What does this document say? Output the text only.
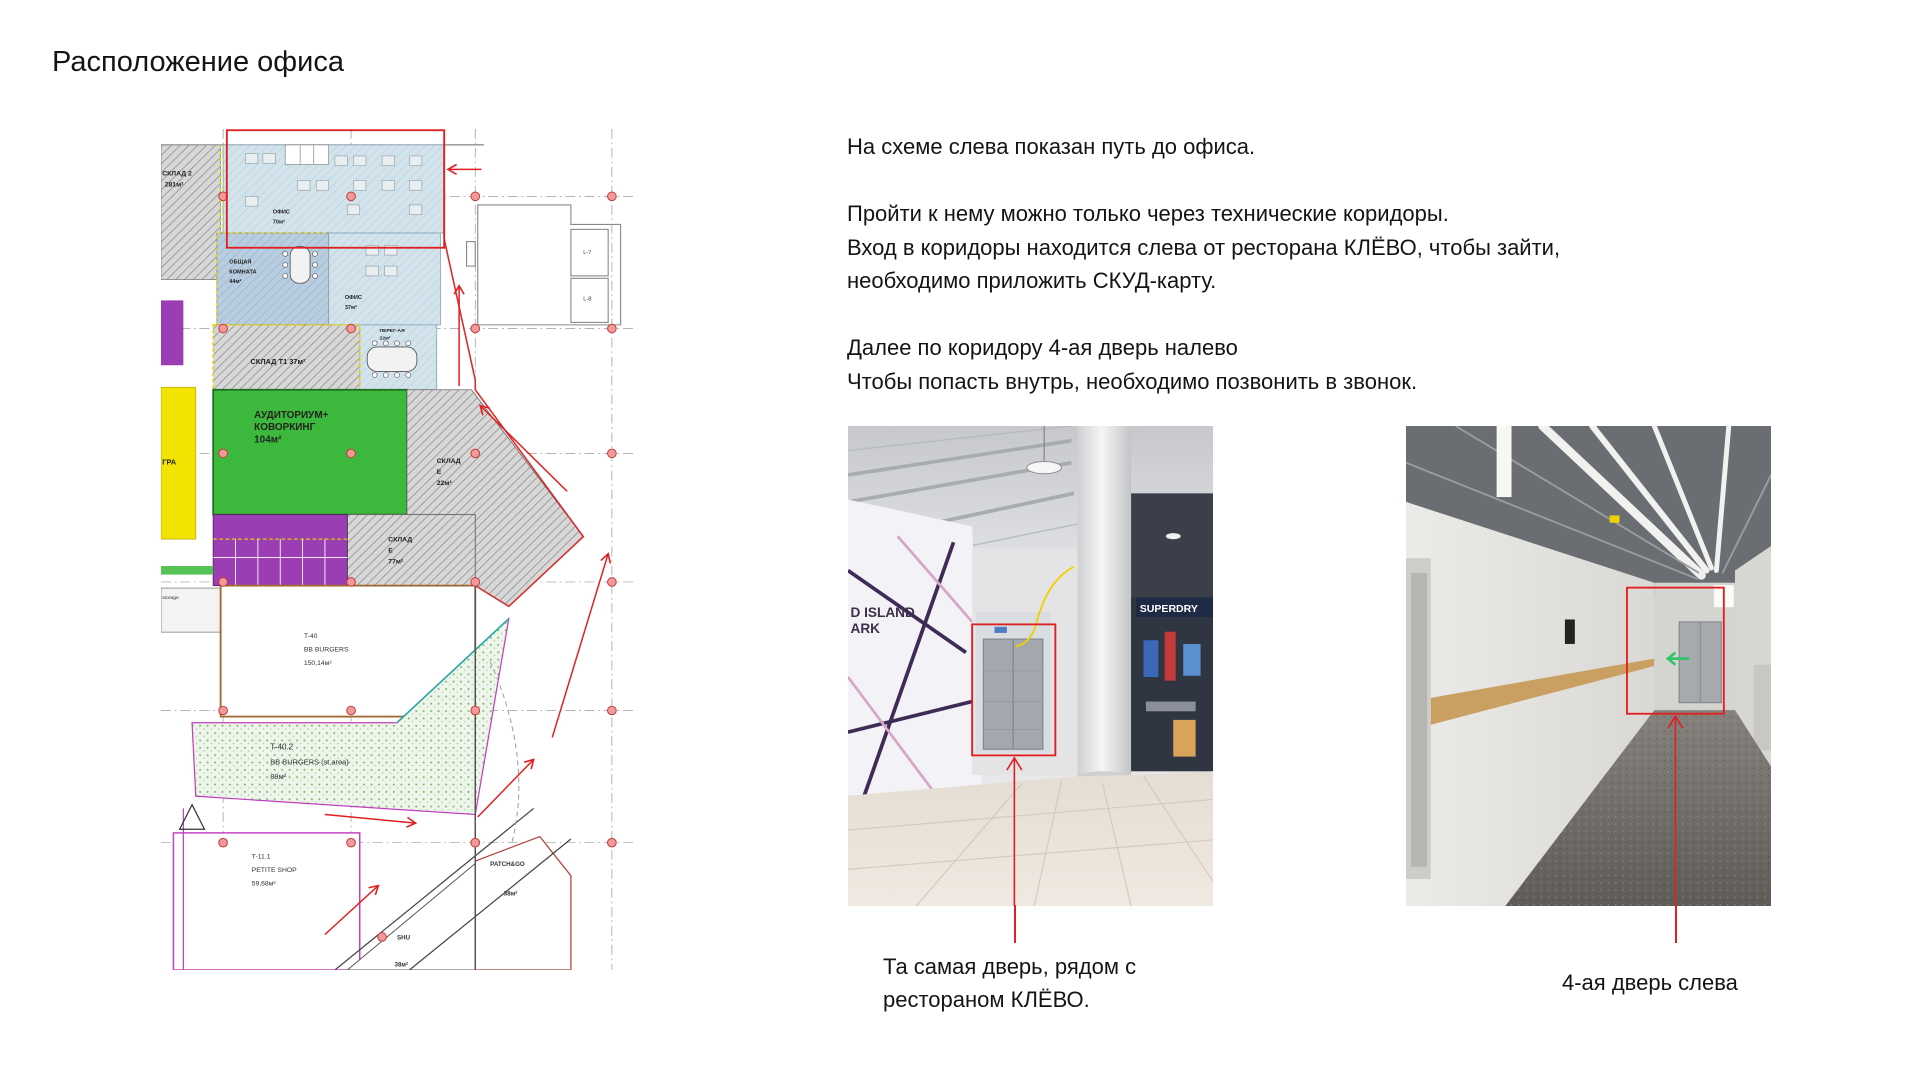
Расположение офиса
СКЛАД 2
281м²
ОФИС
70м²
ОБЩАЯ
КОМНАТА
44м²
ОФИС
37м²
ПЕРЕГ-АЯ
22м²
СКЛАД Т1 37м²
АУДИТОРИУМ+
КОВОРКИНГ
104м²
СКЛАД
Е
22м²
СКЛАД
Е
77м²
ГРА
storage
T-40
BB BURGERS
150,14м²
T-40.2
BB BURGERS (st.area)
89м²
T-11.1
PETITE SHOP
59,68м²
PATCH&GO
38м²
SHU
38м²
L-7
L-8
На схеме слева показан путь до офиса.
Пройти к нему можно только через технические коридоры.
Вход в коридоры находится слева от ресторана КЛЁВО, чтобы зайти,
необходимо приложить СКУД-карту.
Далее по коридору 4-ая дверь налево
Чтобы попасть внутрь, необходимо позвонить в звонок.
D ISLAND
ARK
SUPERDRY
Та самая дверь, рядом с
рестораном КЛЁВО.
4-ая дверь слева
